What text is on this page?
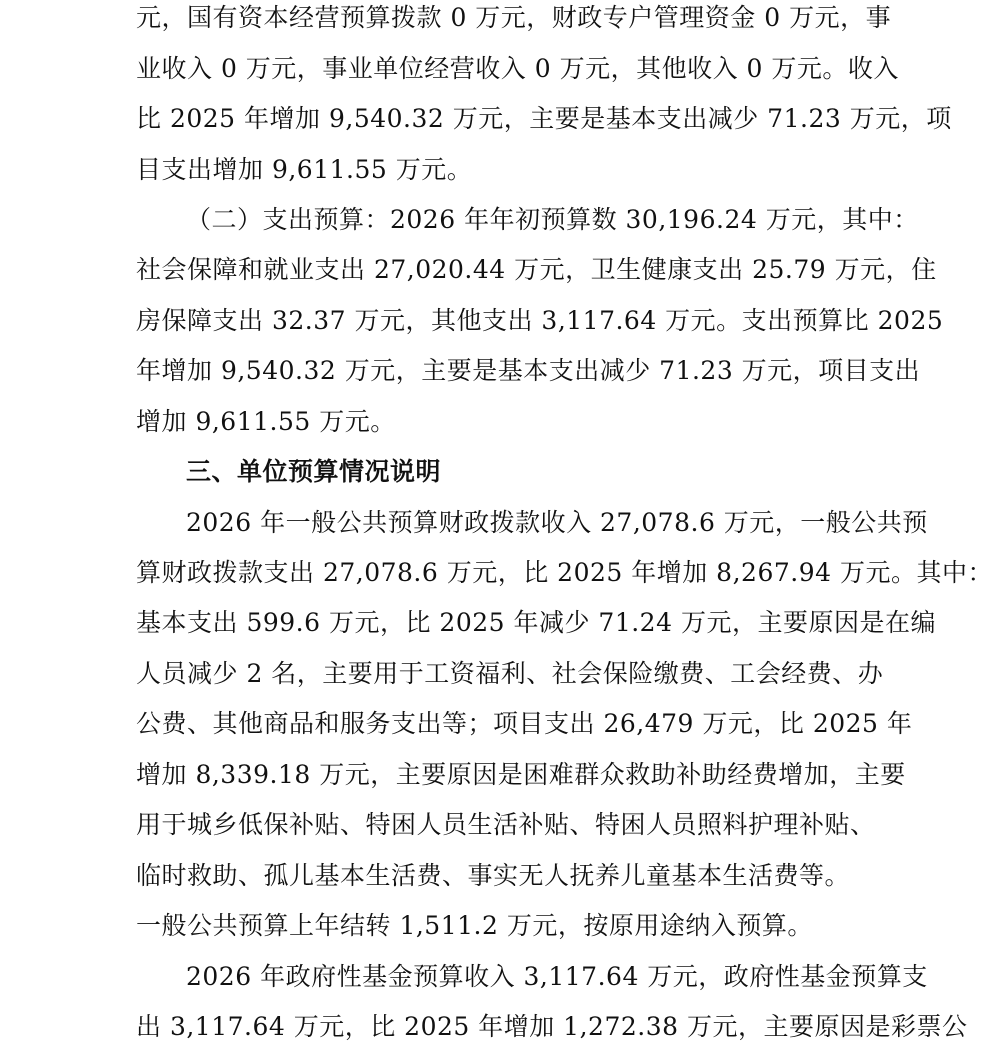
元，国有资本经营预算拨款 0 万元，财政专户管理资金 0 万元，事
业收入 0 万元，事业单位经营收入 0 万元，其他收入 0 万元。收入
比 2025 年增加 9,540.32 万元，主要是基本支出减少 71.23 万元，项
目支出增加 9,611.55 万元。
（二）支出预算：2026 年年初预算数 30,196.24 万元，其中：
社会保障和就业支出 27,020.44 万元，卫生健康支出 25.79 万元，住
房保障支出 32.37 万元，其他支出 3,117.64 万元。支出预算比 2025
年增加 9,540.32 万元，主要是基本支出减少 71.23 万元，项目支出
增加 9,611.55 万元。
三、单位预算情况说明
2026 年一般公共预算财政拨款收入 27,078.6 万元，一般公共预
算财政拨款支出 27,078.6 万元，比 2025 年增加 8,267.94 万元。其中：
基本支出 599.6 万元，比 2025 年减少 71.24 万元，主要原因是在编
人员减少 2 名，主要用于工资福利、社会保险缴费、工会经费、办
公费、其他商品和服务支出等；项目支出 26,479 万元，比 2025 年
增加 8,339.18 万元，主要原因是困难群众救助补助经费增加，主要
用于城乡低保补贴、特困人员生活补贴、特困人员照料护理补贴、
临时救助、孤儿基本生活费、事实无人抚养儿童基本生活费等。
一般公共预算上年结转 1,511.2 万元，按原用途纳入预算。
2026 年政府性基金预算收入 3,117.64 万元，政府性基金预算支
出 3,117.64 万元，比 2025 年增加 1,272.38 万元，主要原因是彩票公
